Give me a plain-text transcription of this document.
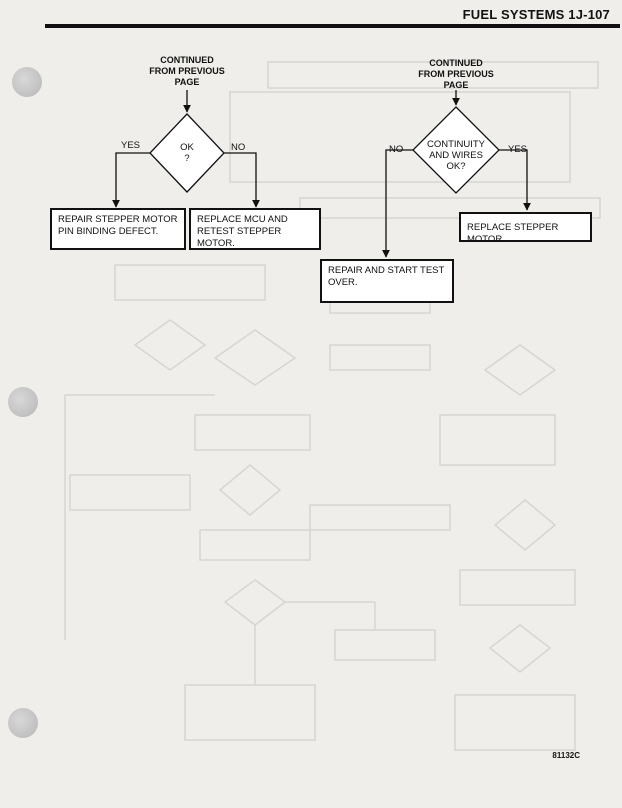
FUEL SYSTEMS 1J-107
CONTINUED
FROM PREVIOUS
PAGE
OK
?
YES	NO
REPAIR STEPPER MOTOR
PIN BINDING DEFECT.
REPLACE MCU AND
RETEST STEPPER MOTOR.
CONTINUED
FROM PREVIOUS
PAGE
CONTINUITY
AND WIRES
OK?
NO	YES
REPLACE STEPPER MOTOR.
REPAIR AND START TEST
OVER.
81132C
